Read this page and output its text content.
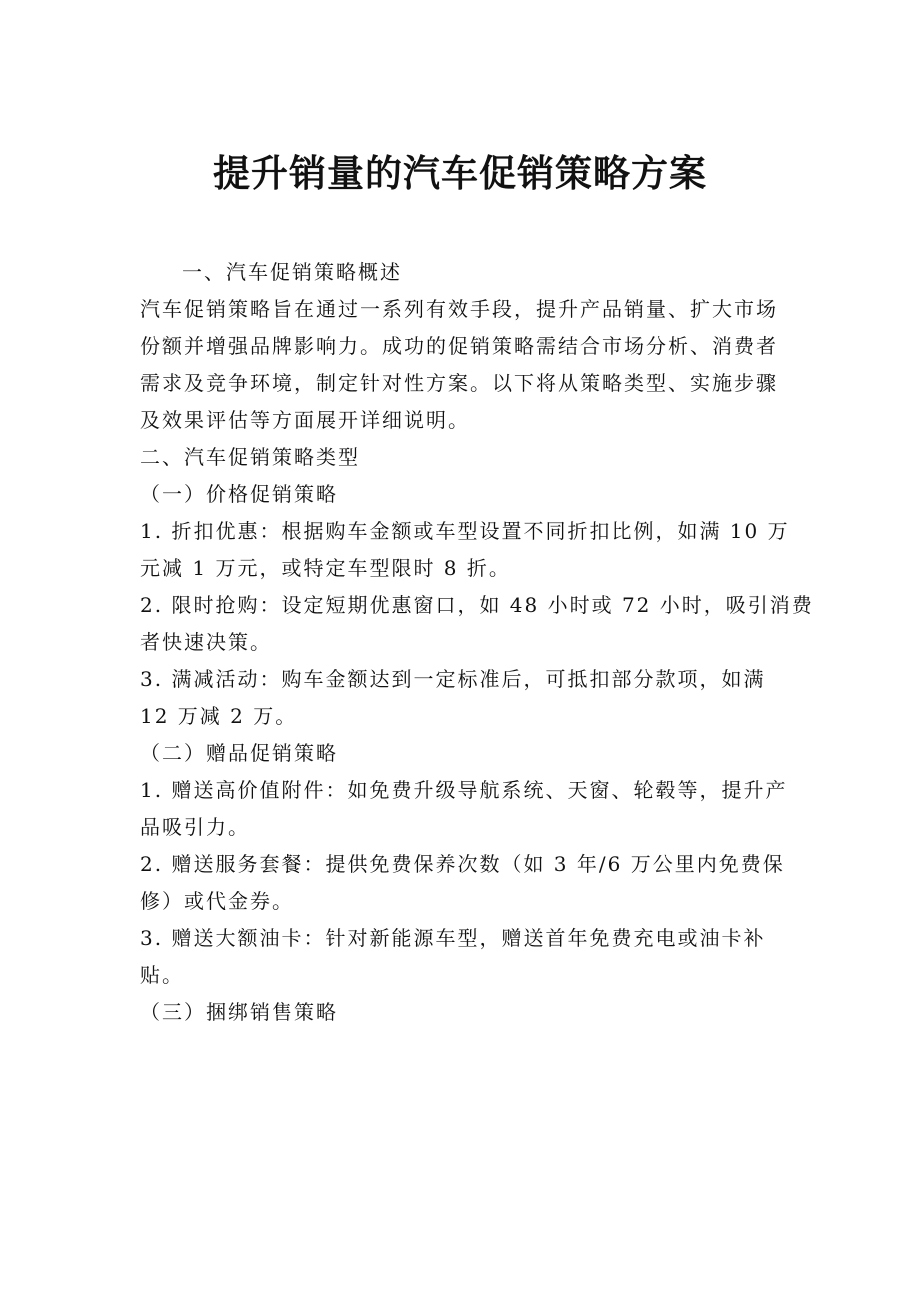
提升销量的汽车促销策略方案
一、汽车促销策略概述
汽车促销策略旨在通过一系列有效手段，提升产品销量、扩大市场
份额并增强品牌影响力。成功的促销策略需结合市场分析、消费者
需求及竞争环境，制定针对性方案。以下将从策略类型、实施步骤
及效果评估等方面展开详细说明。
二、汽车促销策略类型
（一）价格促销策略
1. 折扣优惠：根据购车金额或车型设置不同折扣比例，如满 10 万
元减 1 万元，或特定车型限时 8 折。
2. 限时抢购：设定短期优惠窗口，如 48 小时或 72 小时，吸引消费
者快速决策。
3. 满减活动：购车金额达到一定标准后，可抵扣部分款项，如满
12 万减 2 万。
（二）赠品促销策略
1. 赠送高价值附件：如免费升级导航系统、天窗、轮毂等，提升产
品吸引力。
2. 赠送服务套餐：提供免费保养次数（如 3 年/6 万公里内免费保
修）或代金券。
3. 赠送大额油卡：针对新能源车型，赠送首年免费充电或油卡补
贴。
（三）捆绑销售策略
